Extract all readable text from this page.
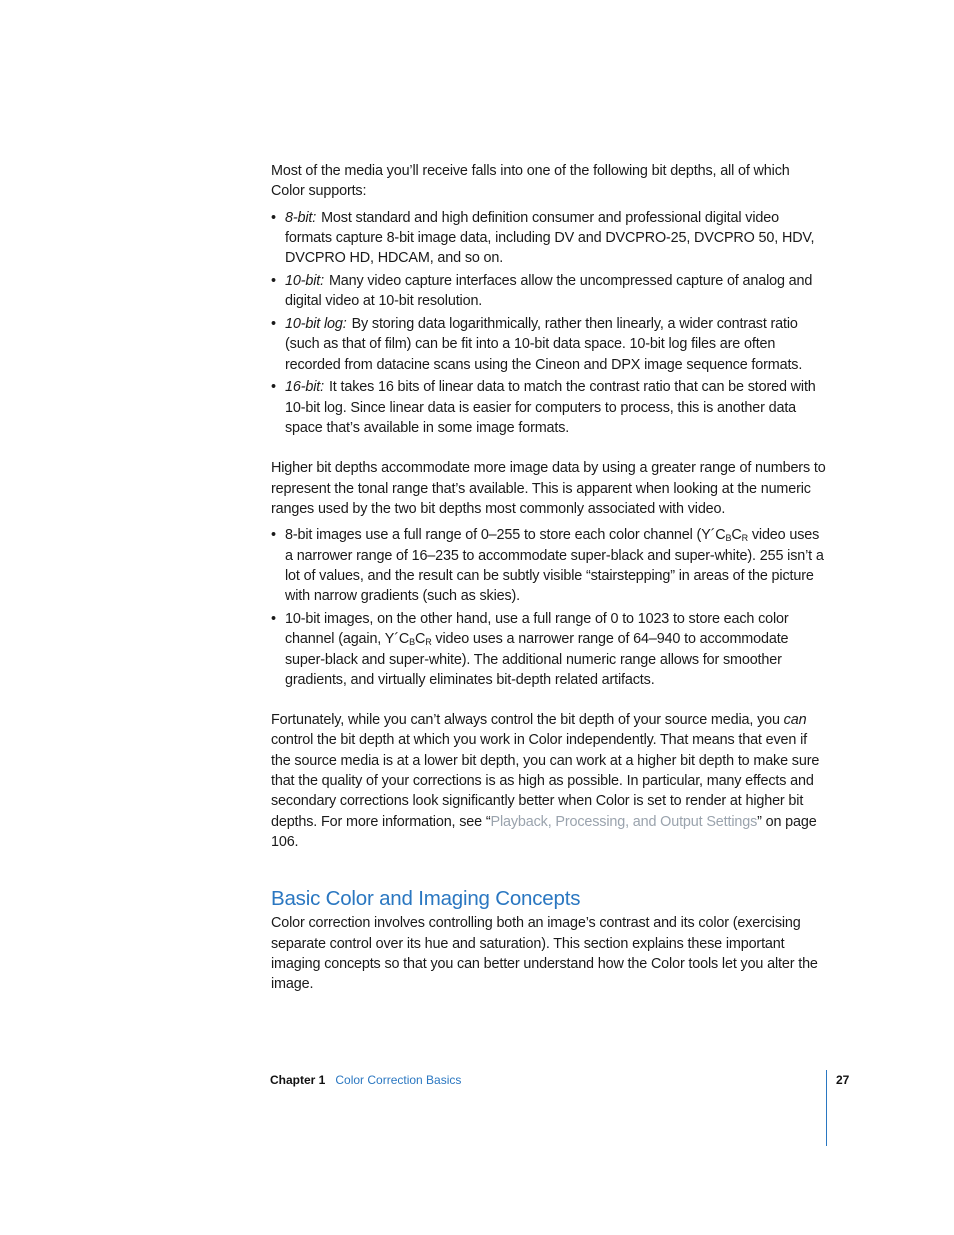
Most of the media you’ll receive falls into one of the following bit depths, all of which Color supports:

• 8-bit: Most standard and high definition consumer and professional digital video formats capture 8-bit image data, including DV and DVCPRO-25, DVCPRO 50, HDV, DVCPRO HD, HDCAM, and so on.
• 10-bit: Many video capture interfaces allow the uncompressed capture of analog and digital video at 10-bit resolution.
• 10-bit log: By storing data logarithmically, rather then linearly, a wider contrast ratio (such as that of film) can be fit into a 10-bit data space. 10-bit log files are often recorded from datacine scans using the Cineon and DPX image sequence formats.
• 16-bit: It takes 16 bits of linear data to match the contrast ratio that can be stored with 10-bit log. Since linear data is easier for computers to process, this is another data space that’s available in some image formats.

Higher bit depths accommodate more image data by using a greater range of numbers to represent the tonal range that’s available. This is apparent when looking at the numeric ranges used by the two bit depths most commonly associated with video.

• 8-bit images use a full range of 0–255 to store each color channel ($Y´C_BC_R$ video uses a narrower range of 16–235 to accommodate super-black and super-white). 255 isn’t a lot of values, and the result can be subtly visible “stairstepping” in areas of the picture with narrow gradients (such as skies).
• 10-bit images, on the other hand, use a full range of 0 to 1023 to store each color channel (again, $Y´C_BC_R$ video uses a narrower range of 64–940 to accommodate super-black and super-white). The additional numeric range allows for smoother gradients, and virtually eliminates bit-depth related artifacts.

Fortunately, while you can’t always control the bit depth of your source media, you can control the bit depth at which you work in Color independently. That means that even if the source media is at a lower bit depth, you can work at a higher bit depth to make sure that the quality of your corrections is as high as possible. In particular, many effects and secondary corrections look significantly better when Color is set to render at higher bit depths. For more information, see “Playback, Processing, and Output Settings” on page 106.

Basic Color and Imaging Concepts

Color correction involves controlling both an image’s contrast and its color (exercising separate control over its hue and saturation). This section explains these important imaging concepts so that you can better understand how the Color tools let you alter the image.

Chapter 1 Color Correction Basics	27
